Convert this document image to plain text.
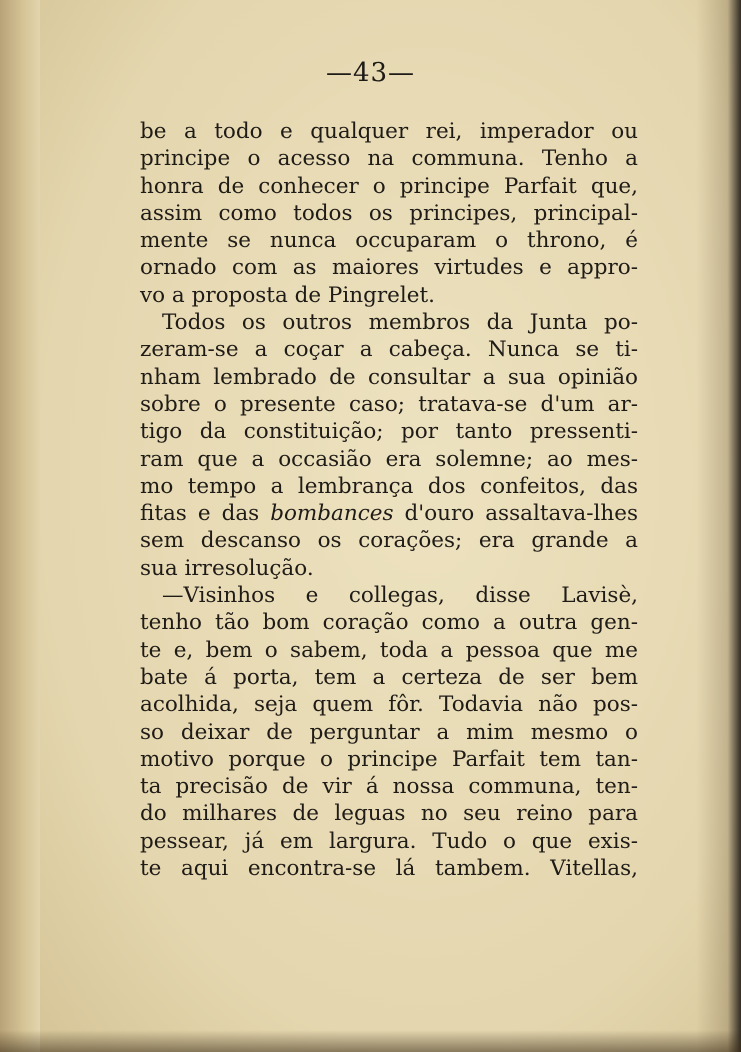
—43—
be a todo e qualquer rei, imperador ou
principe o acesso na communa. Tenho a
honra de conhecer o principe Parfait que,
assim como todos os principes, principal-
mente se nunca occuparam o throno, é
ornado com as maiores virtudes e appro-
vo a proposta de Pingrelet.
Todos os outros membros da Junta po-
zeram-se a coçar a cabeça. Nunca se ti-
nham lembrado de consultar a sua opinião
sobre o presente caso; tratava-se d'um ar-
tigo da constituição; por tanto pressenti-
ram que a occasião era solemne; ao mes-
mo tempo a lembrança dos confeitos, das
fitas e das bombances d'ouro assaltava-lhes
sem descanso os corações; era grande a
sua irresolução.
—Visinhos e collegas, disse Lavisè,
tenho tão bom coração como a outra gen-
te e, bem o sabem, toda a pessoa que me
bate á porta, tem a certeza de ser bem
acolhida, seja quem fôr. Todavia não pos-
so deixar de perguntar a mim mesmo o
motivo porque o principe Parfait tem tan-
ta precisão de vir á nossa communa, ten-
do milhares de leguas no seu reino para
pessear, já em largura. Tudo o que exis-
te aqui encontra-se lá tambem. Vitellas,
